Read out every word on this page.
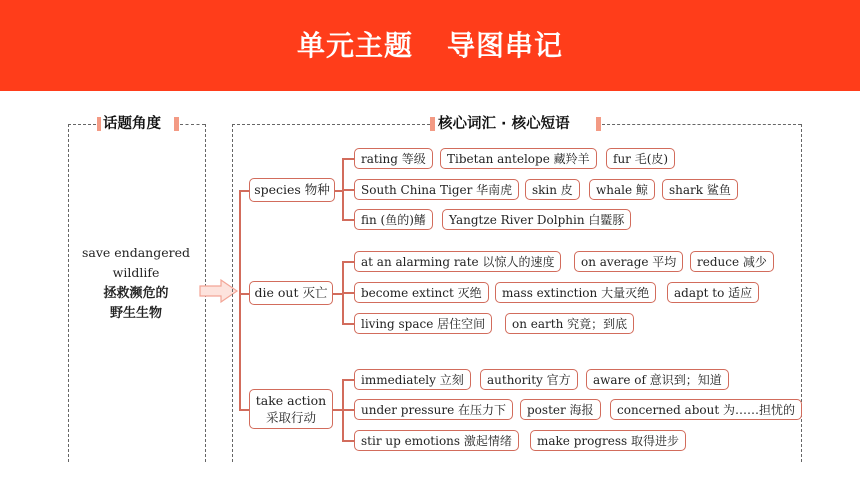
单元主题 导图串记
话题角度
save endangered
wildlife
拯救濒危的
野生生物
核心词汇 · 核心短语
species 物种
die out 灭亡
take action
采取行动
rating 等级	Tibetan antelope 藏羚羊	fur 毛(皮)
South China Tiger 华南虎	skin 皮	whale 鲸	shark 鲨鱼
fin (鱼的)鳍	Yangtze River Dolphin 白𬶨豚
at an alarming rate 以惊人的速度	on average 平均	reduce 减少
become extinct 灭绝	mass extinction 大量灭绝	adapt to 适应
living space 居住空间	on earth 究竟；到底
immediately 立刻	authority 官方	aware of 意识到；知道
under pressure 在压力下	poster 海报	concerned about 为……担忧的
stir up emotions 激起情绪	make progress 取得进步
